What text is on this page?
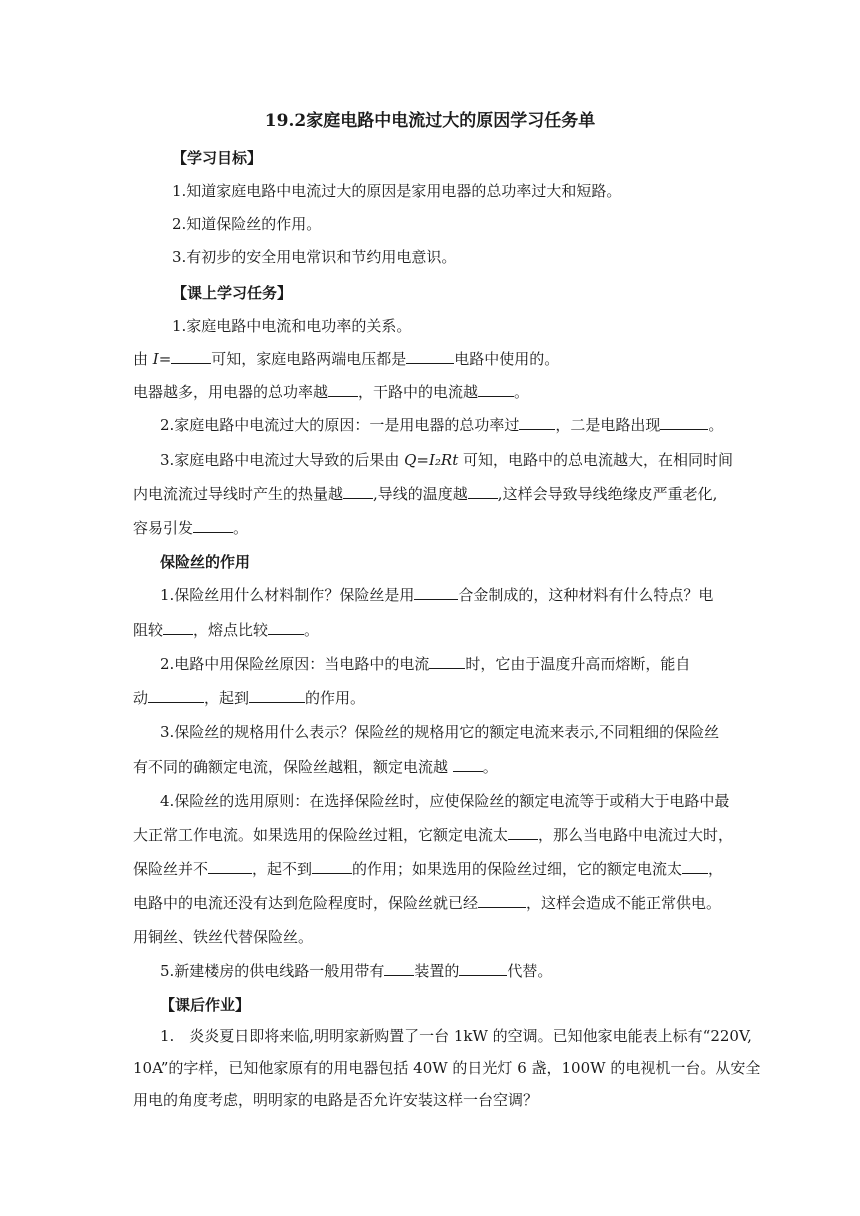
19.2家庭电路中电流过大的原因学习任务单
【学习目标】
1.知道家庭电路中电流过大的原因是家用电器的总功率过大和短路。
2.知道保险丝的作用。
3.有初步的安全用电常识和节约用电意识。
【课上学习任务】
1.家庭电路中电流和电功率的关系。
由 I=	可知，家庭电路两端电压都是	电路中使用的。
电器越多，用电器的总功率越 ，干路中的电流越 。
2.家庭电路中电流过大的原因：一是用电器的总功率过 ，二是电路出现	。
3.家庭电路中电流过大导致的后果由 Q=I₂Rt 可知，电路中的总电流越大，在相同时间
内电流流过导线时产生的热量越 ,导线的温度越 ,这样会导致导线绝缘皮严重老化,
容易引发	。
保险丝的作用
1.保险丝用什么材料制作？保险丝是用	合金制成的，这种材料有什么特点？电
阻较 ，熔点比较 。
2.电路中用保险丝原因：当电路中的电流 时，它由于温度升高而熔断，能自
动	，起到	的作用。
3.保险丝的规格用什么表示？保险丝的规格用它的额定电流来表示,不同粗细的保险丝
有不同的确额定电流，保险丝越粗，额定电流越 。
4.保险丝的选用原则：在选择保险丝时，应使保险丝的额定电流等于或稍大于电路中最
大正常工作电流。如果选用的保险丝过粗，它额定电流太 ，那么当电路中电流过大时，
保险丝并不	，起不到	的作用；如果选用的保险丝过细，它的额定电流太 ，
电路中的电流还没有达到危险程度时，保险丝就已经	，这样会造成不能正常供电。
用铜丝、铁丝代替保险丝。
5.新建楼房的供电线路一般用带有 装置的	代替。
【课后作业】
1.　炎炎夏日即将来临,明明家新购置了一台 1kW 的空调。已知他家电能表上标有“220V,
10A”的字样，已知他家原有的用电器包括 40W 的日光灯 6 盏，100W 的电视机一台。从安全
用电的角度考虑，明明家的电路是否允许安装这样一台空调？
